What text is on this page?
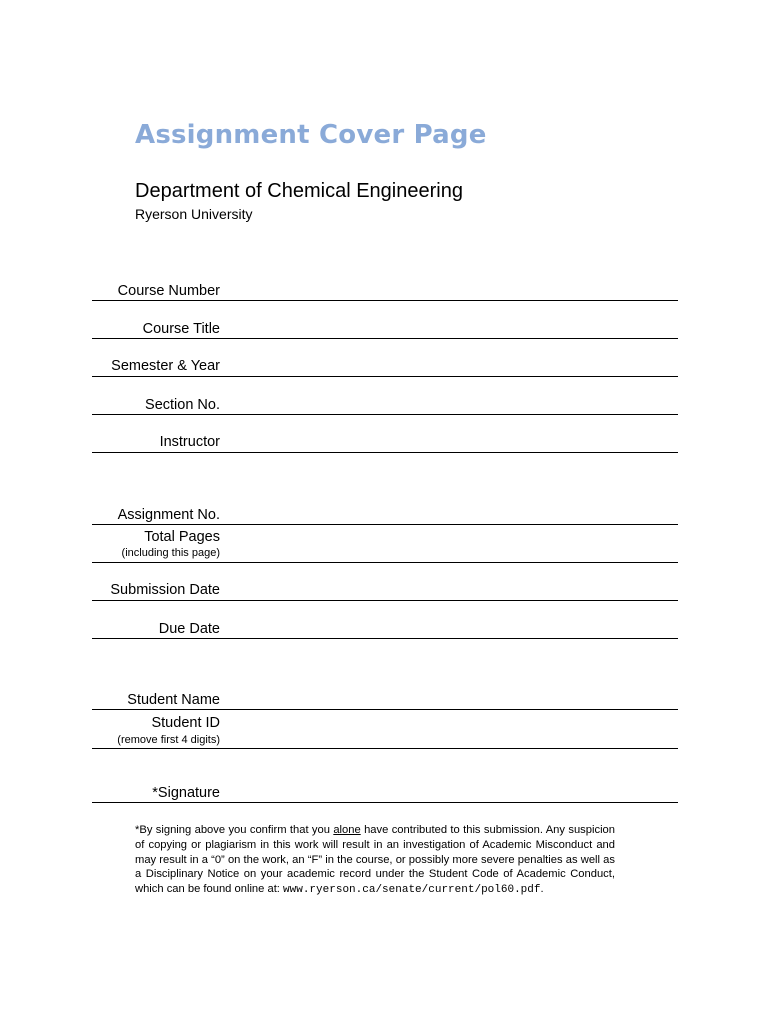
Assignment Cover Page
Department of Chemical Engineering
Ryerson University
Course Number
Course Title
Semester & Year
Section No.
Instructor
Assignment No.
Total Pages
(including this page)
Submission Date
Due Date
Student Name
Student ID
(remove first 4 digits)
*Signature
*By signing above you confirm that you alone have contributed to this submission. Any suspicion of copying or plagiarism in this work will result in an investigation of Academic Misconduct and may result in a “0” on the work, an “F” in the course, or possibly more severe penalties as well as a Disciplinary Notice on your academic record under the Student Code of Academic Conduct, which can be found online at: www.ryerson.ca/senate/current/pol60.pdf.
